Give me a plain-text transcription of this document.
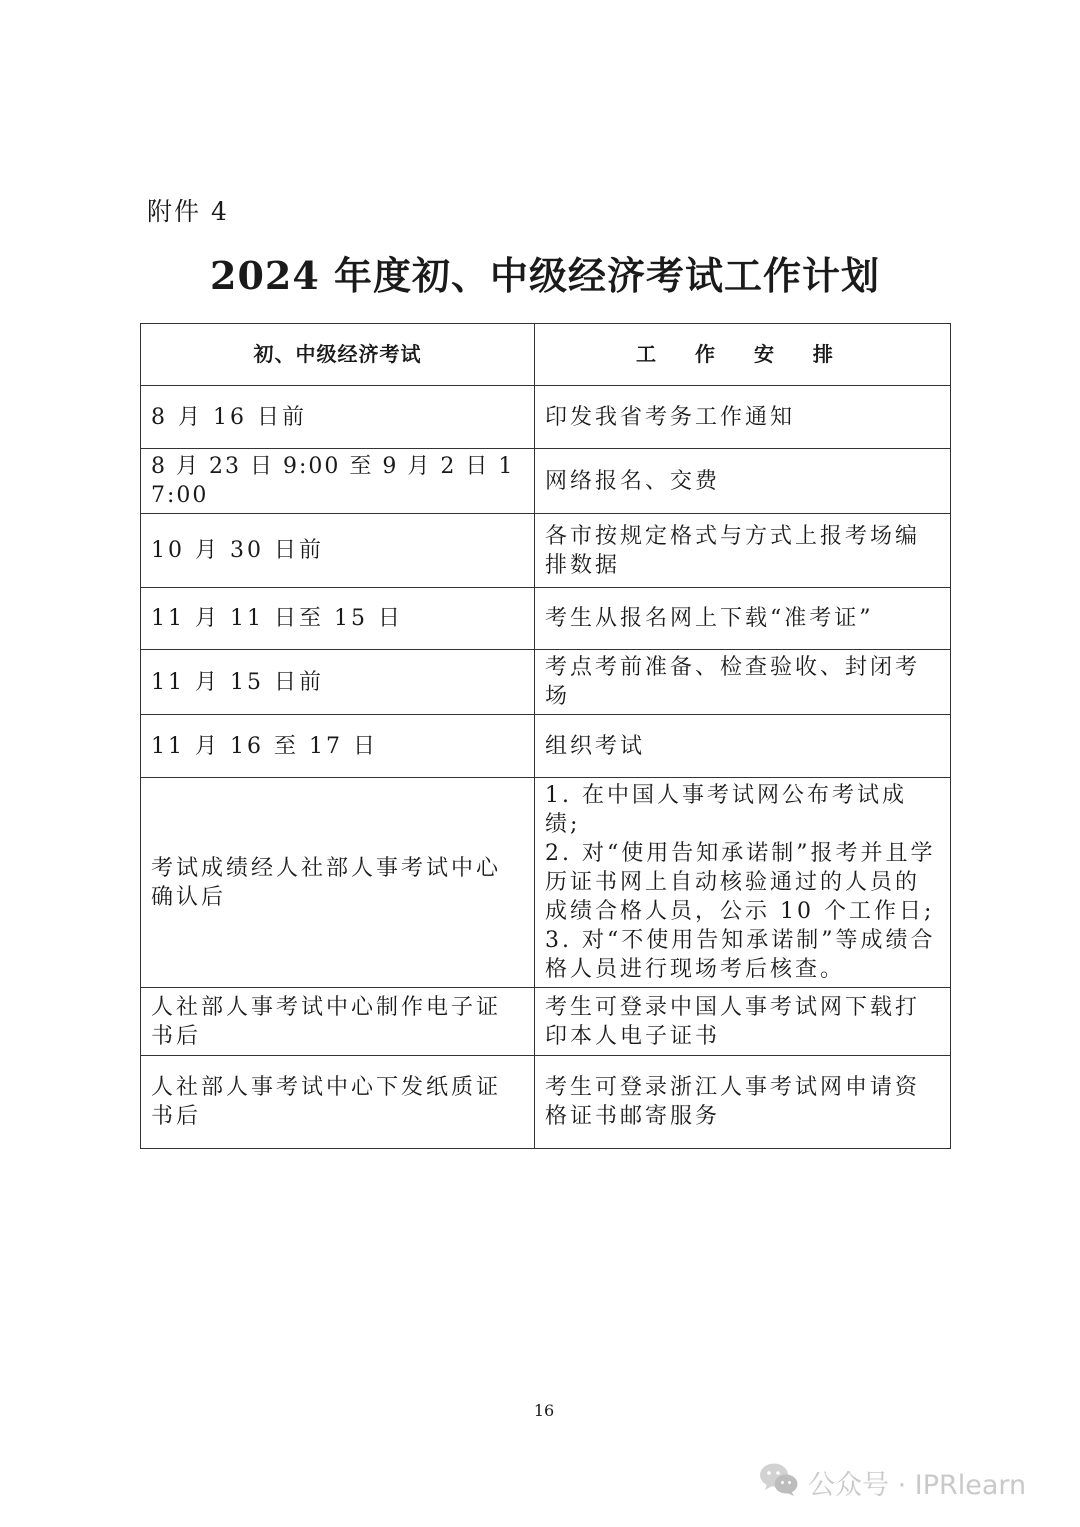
附件 4

2024 年度初、中级经济考试工作计划
初、中级经济考试	工 作 安 排
8 月 16 日前	印发我省考务工作通知

8 月 23 日 9:00 至 9 月 2 日 17:00	网络报名、交费

10 月 30 日前	各市按规定格式与方式上报考场编排数据

11 月 11 日至 15 日	考生从报名网上下载“准考证”

11 月 15 日前	考点考前准备、检查验收、封闭考场

11 月 16 至 17 日	组织考试

考试成绩经人社部人事考试中心确认后	1. 在中国人事考试网公布考试成绩;
2. 对“使用告知承诺制”报考并且学历证书网上自动核验通过的人员的成绩合格人员，公示 10 个工作日;
3. 对“不使用告知承诺制”等成绩合格人员进行现场考后核查。

人社部人事考试中心制作电子证书后	考生可登录中国人事考试网下载打印本人电子证书

人社部人事考试中心下发纸质证书后	考生可登录浙江人事考试网申请资格证书邮寄服务

16

公众号 · IPRlearn
